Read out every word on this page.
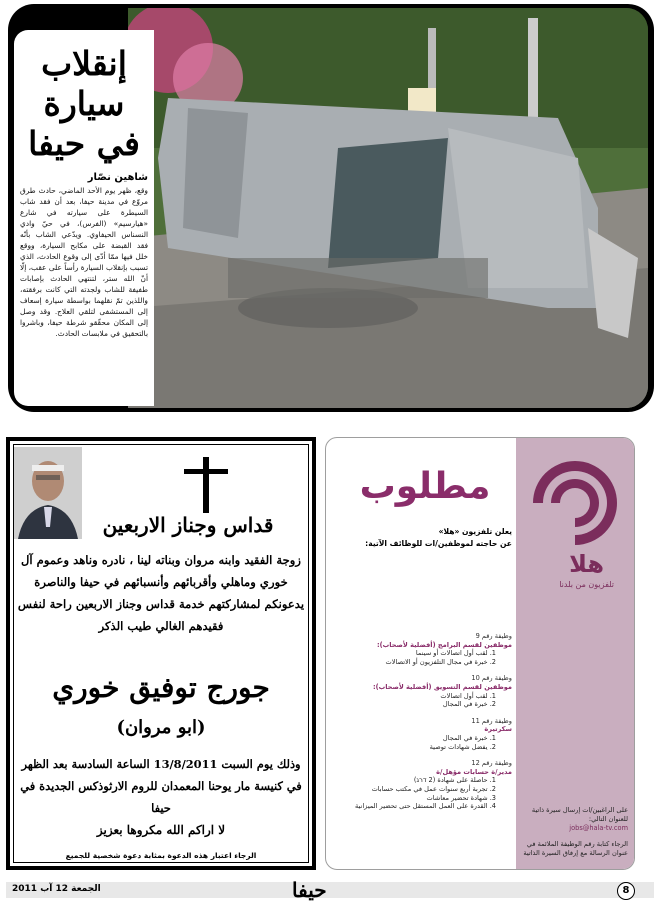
إنقلاب
سيارة
في حيفا
شاهين نصّار
وقع، ظهر يوم الأحد الماضي، حادث طرق مروّع في مدينة حيفا، بعد أن فقد شاب السيطرة على سيارته في شارع «هيارسيم» (الفرس)، في حيّ وادي النسناس الحيفاوي. ويدّعي الشاب بأنّه فقد القبضة على مكابح السيارة، ووقع خلل فيها ممّا أدّى إلى وقوع الحادث، الذي تسبب بإنقلاب السيارة رأساً على عقب، إلّا أنّ الله ستر، لتنتهي الحادث بإصابات طفيفة للشاب ولجدته التي كانت برفقته، واللذين تمّ نقلهما بواسطة سيارة إسعاف إلى المستشفى لتلقي العلاج. وقد وصل إلى المكان محقّقو شرطة حيفا، وباشروا بالتحقيق في ملابسات الحادث.
قداس وجناز الاربعين
زوجة الفقيد وابنه مروان وبناته لينا ، نادره وناهد وعموم آل خوري وماهلي وأقربائهم وأنسبائهم في حيفا والناصرة يدعونكم لمشاركتهم خدمة قداس وجناز الاربعين راحة لنفس فقيدهم الغالي طيب الذكر
جورج توفيق خوري
(ابو مروان)
وذلك يوم السبت 13/8/2011 الساعة السادسة بعد الظهر في كنيسة مار يوحنا المعمدان للروم الارثوذكس الجديدة في حيفا
لا اراكم الله مكروها بعزيز
الرجاء اعتبار هذه الدعوة بمثابة دعوة شخصية للجميع
هلا
تلفزيون من بلدنا
على الراغبين/ات إرسال سيرة ذاتية للعنوان التالي:
jobs@hala-tv.com
الرجاء كتابة رقم الوظيفة الملائمة في عنوان الرسالة مع إرفاق السيرة الذاتية
مطلوب
يعلن تلفزيون «هلا»
عن حاجته لموظفين/ات للوظائف الآتية:
وظيفة رقم 9
موظفين لقسم البرامج (أفضلية لأصحاب):
1. لقب أول اتصالات أو سينما
2. خبرة في مجال التلفزيون أو الاتصالات
وظيفة رقم 10
موظفين لقسم التسويق (أفضلية لأصحاب):
1. لقب أول اتصالات
2. خبرة في المجال
وظيفة رقم 11
سكرتيرة
1. خبرة في المجال
2. يفضل شهادات توصية
وظيفة رقم 12
مدير/ة حسابات مؤهل/ة
1. حاصلة على شهادة (2 דרג)
2. تجربة أربع سنوات عمل في مكتب حسابات
3. شهادة تحضير معاشات
4. القدرة على العمل المستقل حتى تحضير الميزانية
الجمعة 12 آب 2011	حيفا	8
